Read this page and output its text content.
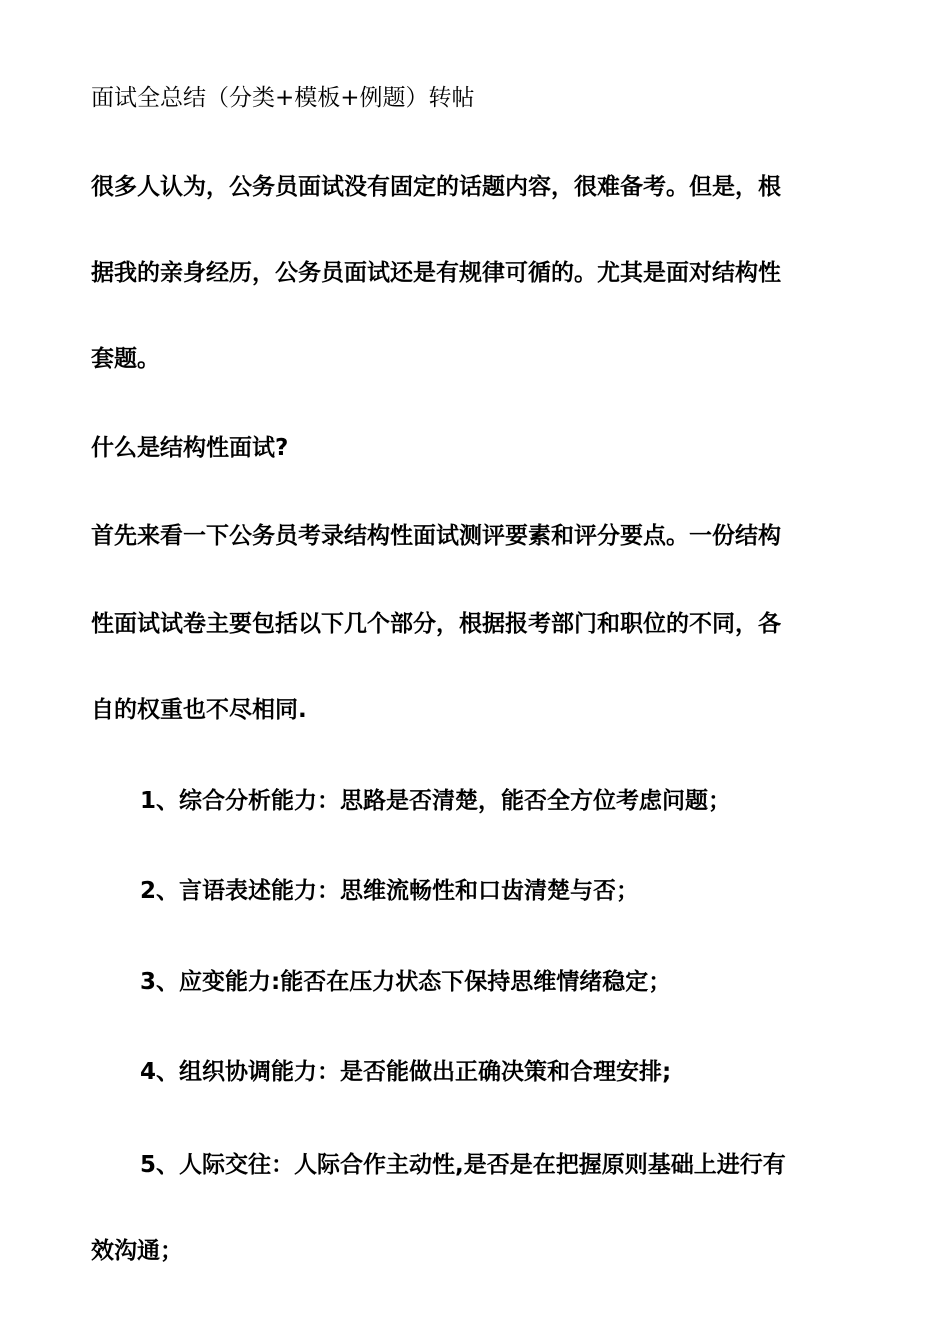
面试全总结（分类+模板+例题）转帖
很多人认为，公务员面试没有固定的话题内容，很难备考。但是，根
据我的亲身经历，公务员面试还是有规律可循的。尤其是面对结构性
套题。
什么是结构性面试?
首先来看一下公务员考录结构性面试测评要素和评分要点。一份结构
性面试试卷主要包括以下几个部分，根据报考部门和职位的不同，各
自的权重也不尽相同.
1、综合分析能力：思路是否清楚，能否全方位考虑问题；
2、言语表述能力：思维流畅性和口齿清楚与否；
3、应变能力:能否在压力状态下保持思维情绪稳定；
4、组织协调能力：是否能做出正确决策和合理安排;
5、人际交往：人际合作主动性,是否是在把握原则基础上进行有
效沟通；
